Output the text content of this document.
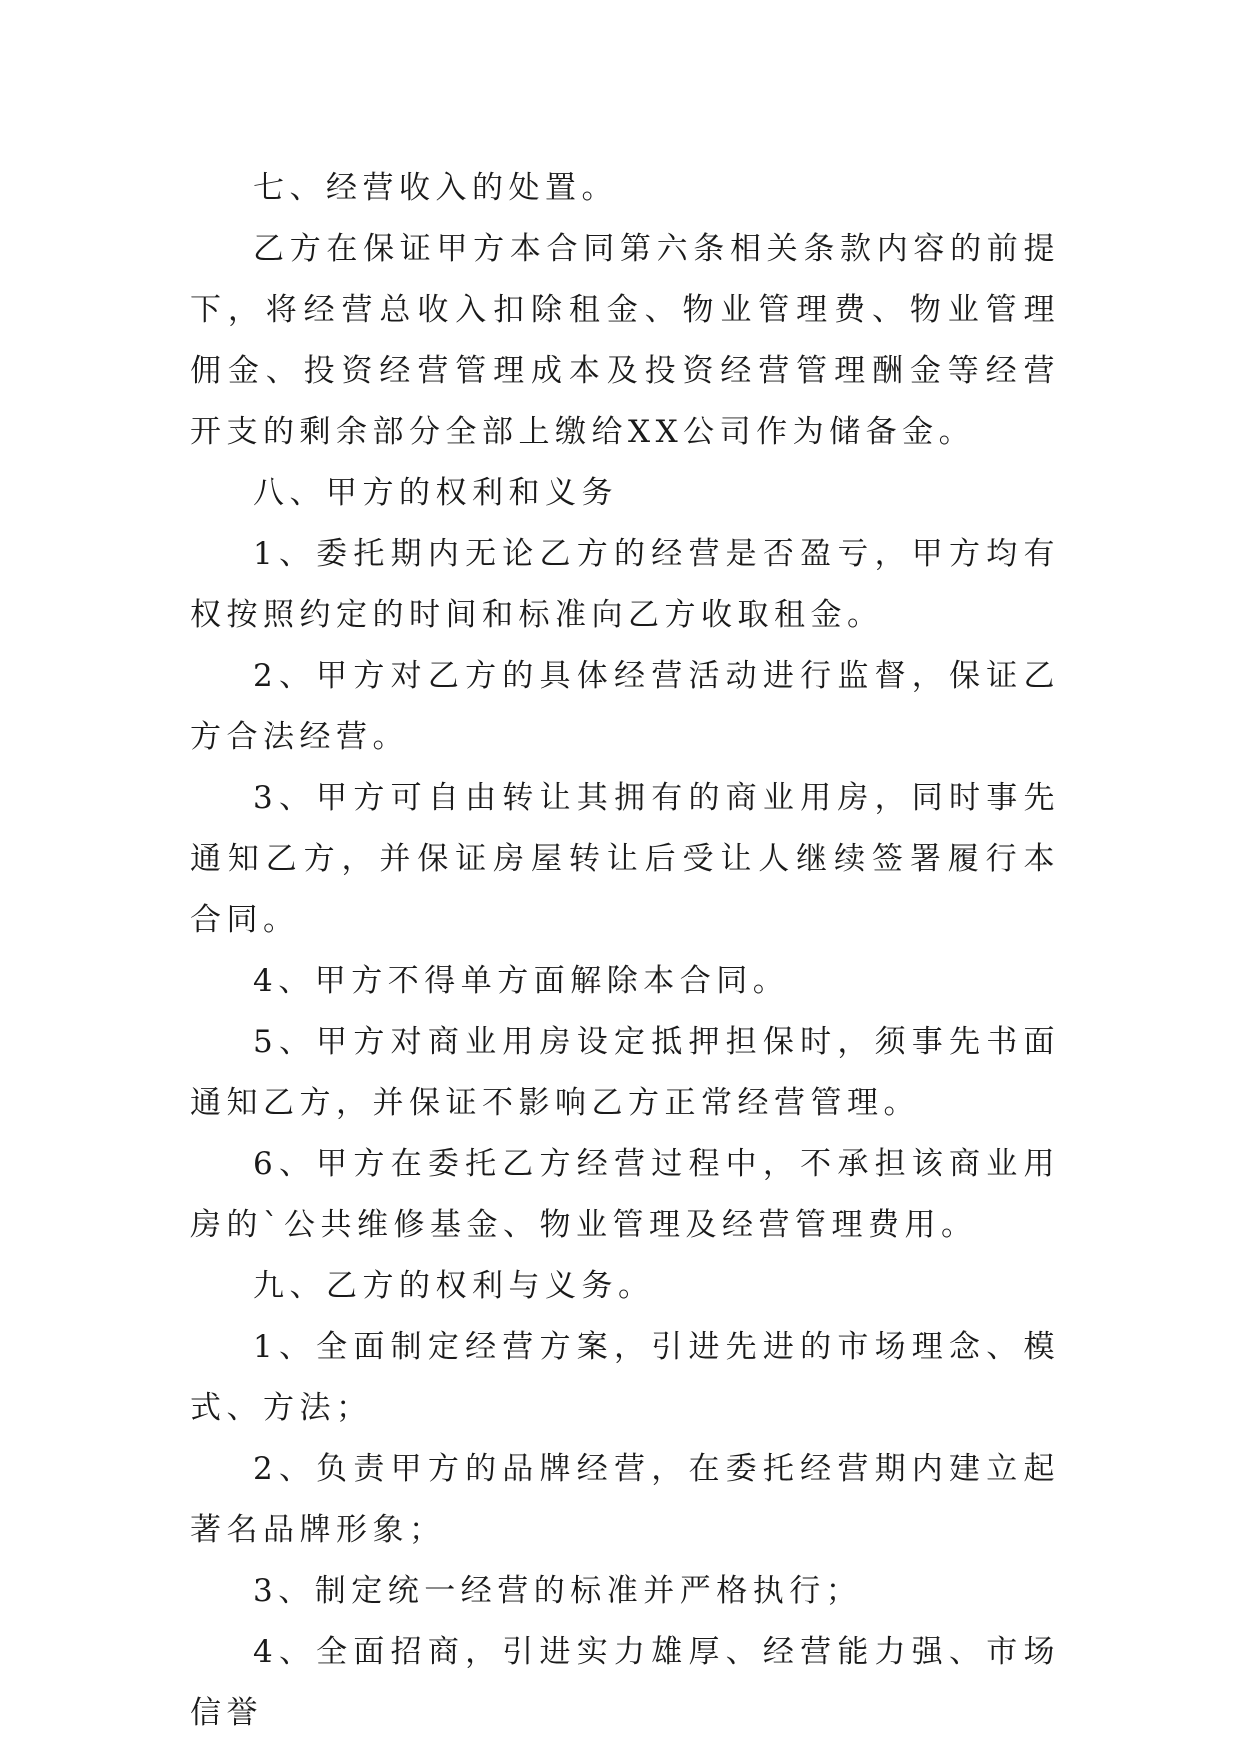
七、经营收入的处置。

乙方在保证甲方本合同第六条相关条款内容的前提下，将经营总收入扣除租金、物业管理费、物业管理佣金、投资经营管理成本及投资经营管理酬金等经营开支的剩余部分全部上缴给XX公司作为储备金。

八、甲方的权利和义务

1、委托期内无论乙方的经营是否盈亏，甲方均有权按照约定的时间和标准向乙方收取租金。

2、甲方对乙方的具体经营活动进行监督，保证乙方合法经营。

3、甲方可自由转让其拥有的商业用房，同时事先通知乙方，并保证房屋转让后受让人继续签署履行本合同。

4、甲方不得单方面解除本合同。

5、甲方对商业用房设定抵押担保时，须事先书面通知乙方，并保证不影响乙方正常经营管理。

6、甲方在委托乙方经营过程中，不承担该商业用房的`公共维修基金、物业管理及经营管理费用。

九、乙方的权利与义务。

1、全面制定经营方案，引进先进的市场理念、模式、方法；

2、负责甲方的品牌经营，在委托经营期内建立起著名品牌形象；

3、制定统一经营的标准并严格执行；

4、全面招商，引进实力雄厚、经营能力强、市场信誉
